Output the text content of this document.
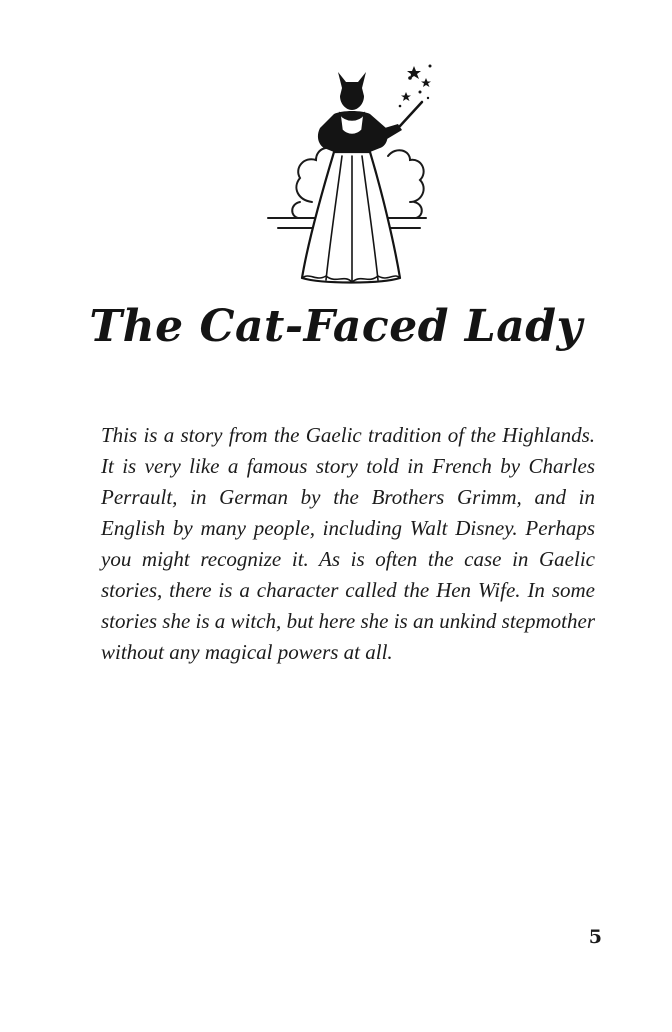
The Cat-Faced Lady

This is a story from the Gaelic tradition of the Highlands. It is very like a famous story told in French by Charles Perrault, in German by the Brothers Grimm, and in English by many people, including Walt Disney. Perhaps you might recognize it. As is often the case in Gaelic stories, there is a character called the Hen Wife. In some stories she is a witch, but here she is an unkind stepmother without any magical powers at all.

5
